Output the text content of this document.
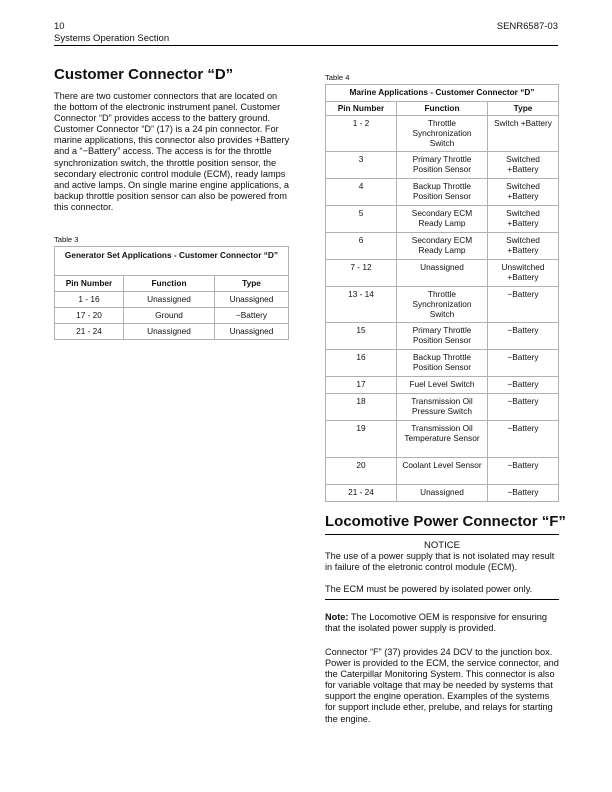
10
Systems Operation Section
SENR6587-03
Customer Connector “D”
There are two customer connectors that are located on the bottom of the electronic instrument panel. Customer Connector “D” provides access to the battery ground. Customer Connector “D” (17) is a 24 pin connector. For marine applications, this connector also provides +Battery and a “−Battery” access. The access is for the throttle synchronization switch, the throttle position sensor, the secondary electronic control module (ECM), ready lamps and active lamps. On single marine engine applications, a backup throttle position sensor can also be powered from this connector.
Table 3
Generator Set Applications - Customer Connector “D”		
Pin Number	Function	Type
1 - 16	Unassigned	Unassigned
17 - 20	Ground	−Battery
21 - 24	Unassigned	Unassigned
Table 4
Marine Applications - Customer Connector “D”		
Pin Number	Function	Type
1 - 2	Throttle Synchronization Switch	Switch +Battery
3	Primary Throttle Position Sensor	Switched +Battery
4	Backup Throttle Position Sensor	Switched +Battery
5	Secondary ECM Ready Lamp	Switched +Battery
6	Secondary ECM Ready Lamp	Switched +Battery
7 - 12	Unassigned	Unswitched +Battery
13 - 14	Throttle Synchronization Switch	−Battery
15	Primary Throttle Position Sensor	−Battery
16	Backup Throttle Position Sensor	−Battery
17	Fuel Level Switch	−Battery
18	Transmission Oil Pressure Switch	−Battery
19	Transmission Oil Temperature Sensor	−Battery
20	Coolant Level Sensor	−Battery
21 - 24	Unassigned	−Battery
Locomotive Power Connector “F”
NOTICE
The use of a power supply that is not isolated may result in failure of the eletronic control module (ECM).
The ECM must be powered by isolated power only.
Note: The Locomotive OEM is responsive for ensuring that the isolated power supply is provided.
Connector “F” (37) provides 24 DCV to the junction box. Power is provided to the ECM, the service connector, and the Caterpillar Monitoring System. This connector is also for variable voltage that may be needed by systems that support the engine operation. Examples of the systems for support include ether, prelube, and relays for starting the engine.
